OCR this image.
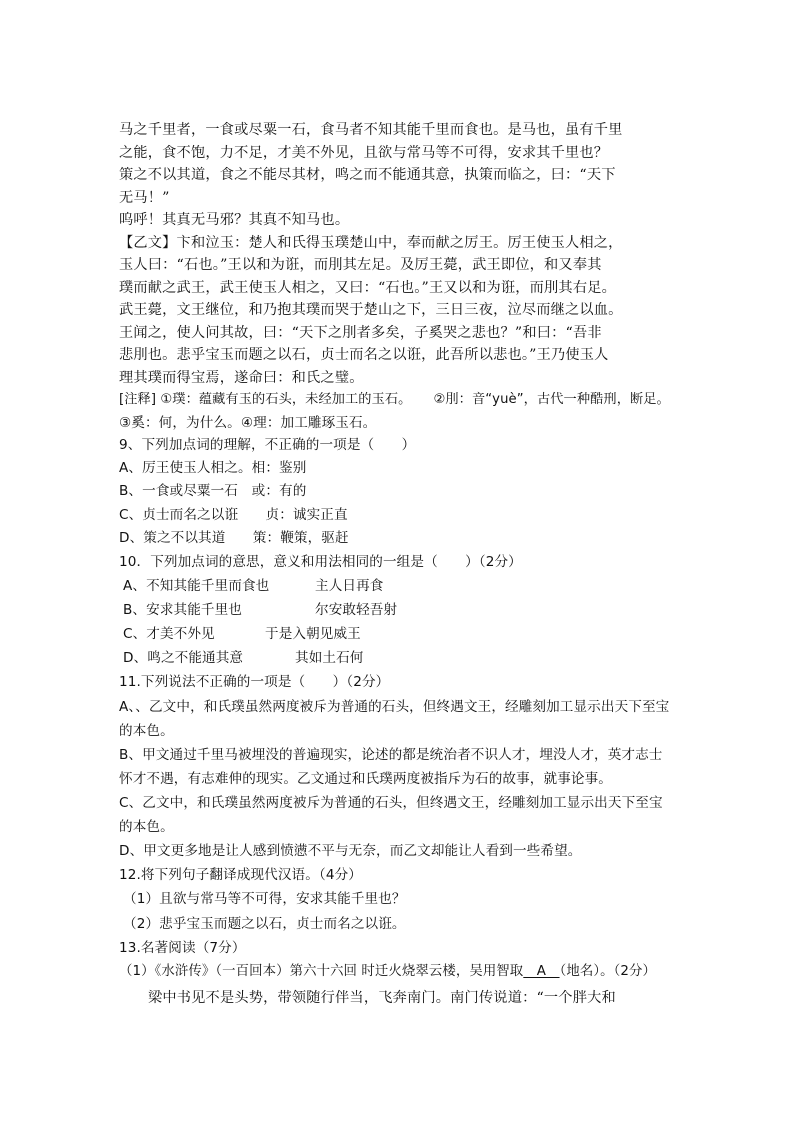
马之千里者，一食或尽粟一石，食马者不知其能千里而食也。是马也，虽有千里
之能，食不饱，力不足，才美不外见，且欲与常马等不可得，安求其千里也？
策之不以其道，食之不能尽其材，鸣之而不能通其意，执策而临之，曰：“天下
无马！”
呜呼！其真无马邪？其真不知马也。
【乙文】卞和泣玉：楚人和氏得玉璞楚山中，奉而献之厉王。厉王使玉人相之，
玉人曰：“石也。”王以和为诳，而刖其左足。及厉王薨，武王即位，和又奉其
璞而献之武王，武王使玉人相之，又曰：“石也。”王又以和为诳，而刖其右足。
武王薨，文王继位，和乃抱其璞而哭于楚山之下，三日三夜，泣尽而继之以血。
王闻之，使人问其故，曰：“天下之刖者多矣，子奚哭之悲也？”和曰：“吾非
悲刖也。悲乎宝玉而题之以石，贞士而名之以诳，此吾所以悲也。”王乃使玉人
理其璞而得宝焉，遂命曰：和氏之璧。
[注释] ①璞：蕴藏有玉的石头，未经加工的玉石。 ②刖：音“yuè”，古代一种酷刑，断足。
③奚：何，为什么。④理：加工雕琢玉石。
9、下列加点词的理解，不正确的一项是（　　）
A、厉王使玉人相之。相：鉴别
B、一食或尽粟一石　或：有的
C、贞士而名之以诳　　贞：诚实正直
D、策之不以其道　　策：鞭策，驱赶
10．下列加点词的意思，意义和用法相同的一组是（　　）（2分）
A、不知其能千里而食也	主人日再食
B、安求其能千里也	尔安敢轻吾射
C、才美不外见	于是入朝见威王
D、鸣之不能通其意	其如土石何
11.下列说法不正确的一项是（　　）（2分）
A、、乙文中，和氏璞虽然两度被斥为普通的石头，但终遇文王，经雕刻加工显示出天下至宝
的本色。
B、甲文通过千里马被埋没的普遍现实，论述的都是统治者不识人才，埋没人才，英才志士
怀才不遇，有志难伸的现实。乙文通过和氏璞两度被指斥为石的故事，就事论事。
C、乙文中，和氏璞虽然两度被斥为普通的石头，但终遇文王，经雕刻加工显示出天下至宝
的本色。
D、甲文更多地是让人感到愤懑不平与无奈，而乙文却能让人看到一些希望。
12.将下列句子翻译成现代汉语。（4分）
（1）且欲与常马等不可得，安求其能千里也？
（2）悲乎宝玉而题之以石，贞士而名之以诳。
13.名著阅读（7分）
（1）《水浒传》（一百回本）第六十六回 时迁火烧翠云楼，吴用智取　A　（地名）。（2分）
梁中书见不是头势，带领随行伴当，飞奔南门。南门传说道：“一个胖大和
